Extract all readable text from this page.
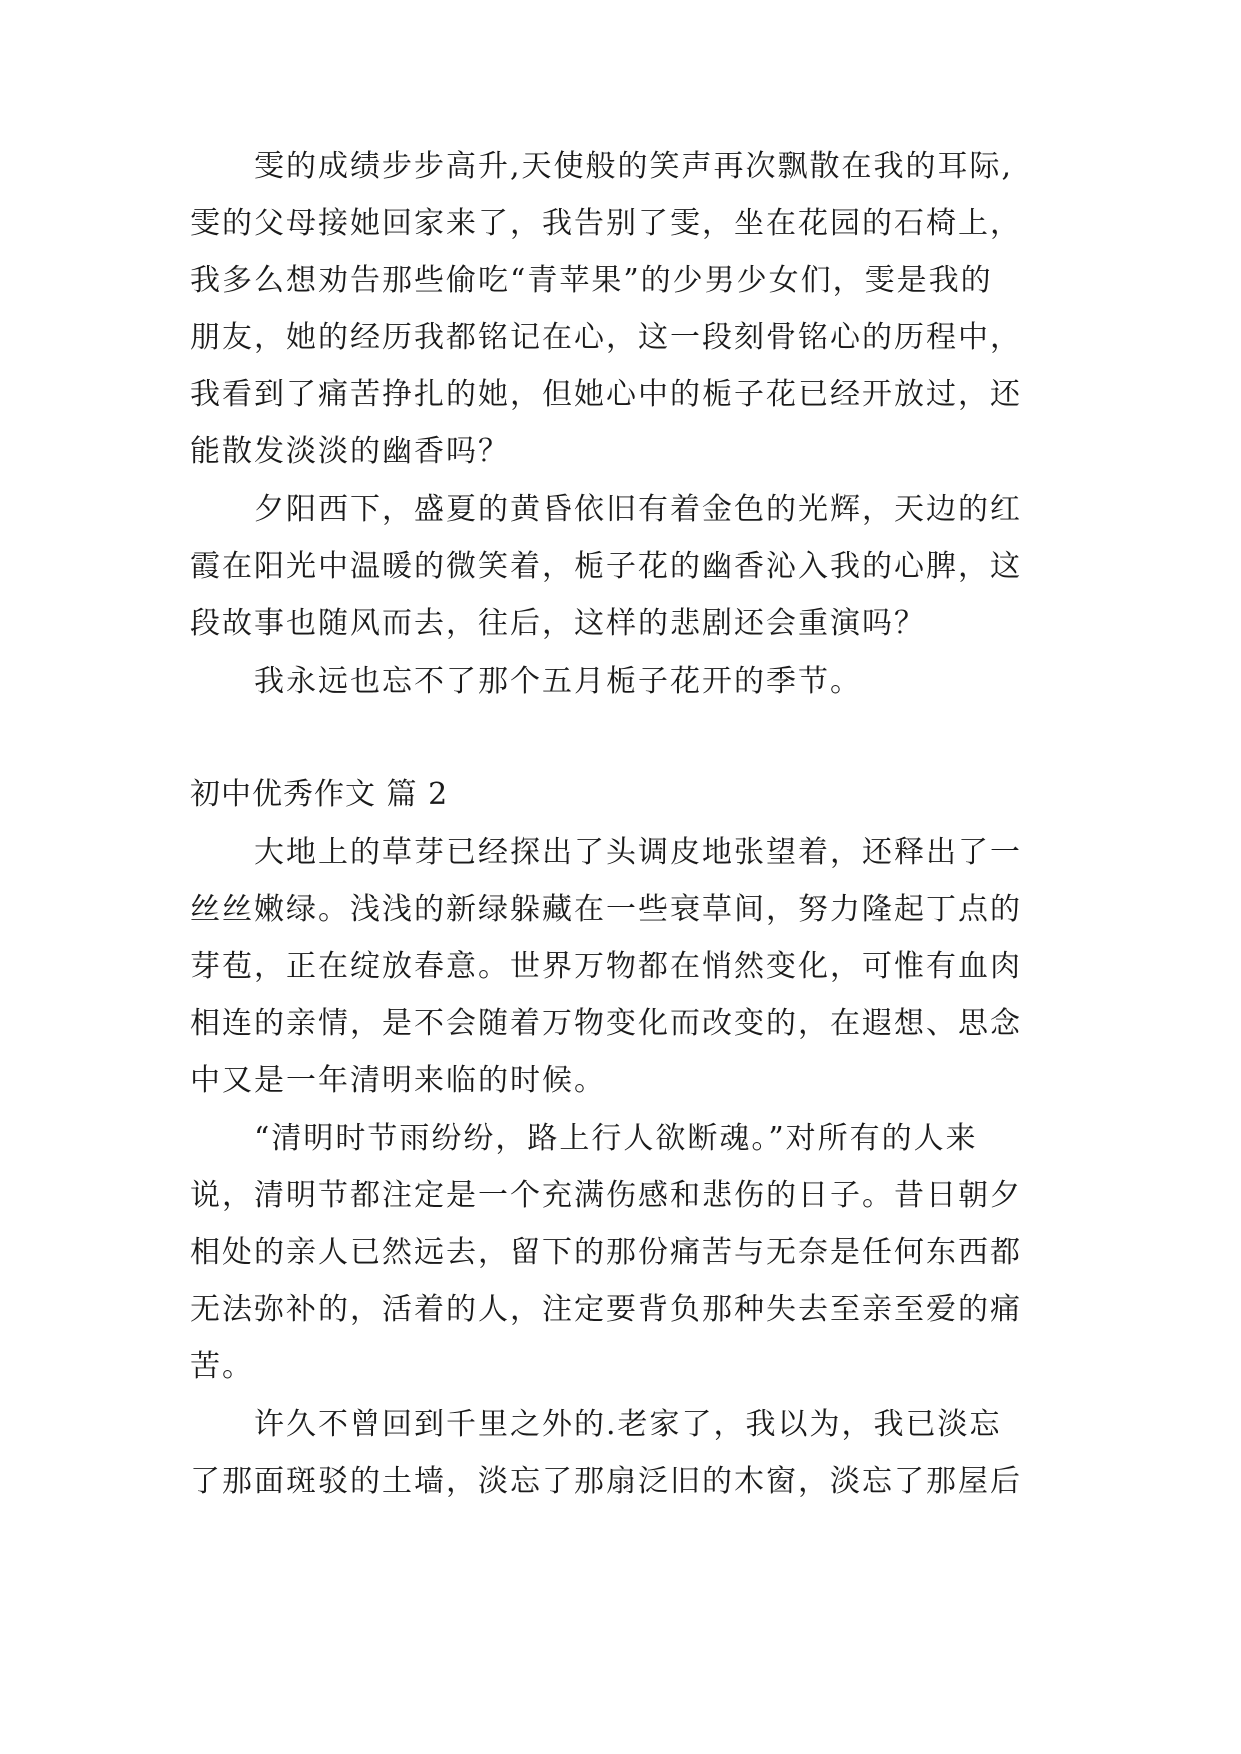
雯的成绩步步高升,天使般的笑声再次飘散在我的耳际,
雯的父母接她回家来了，我告别了雯，坐在花园的石椅上，
我多么想劝告那些偷吃“青苹果”的少男少女们，雯是我的
朋友，她的经历我都铭记在心，这一段刻骨铭心的历程中，
我看到了痛苦挣扎的她，但她心中的栀子花已经开放过，还
能散发淡淡的幽香吗？
夕阳西下，盛夏的黄昏依旧有着金色的光辉，天边的红
霞在阳光中温暖的微笑着，栀子花的幽香沁入我的心脾，这
段故事也随风而去，往后，这样的悲剧还会重演吗？
我永远也忘不了那个五月栀子花开的季节。
初中优秀作文 篇 2
大地上的草芽已经探出了头调皮地张望着，还释出了一
丝丝嫩绿。浅浅的新绿躲藏在一些衰草间，努力隆起丁点的
芽苞，正在绽放春意。世界万物都在悄然变化，可惟有血肉
相连的亲情，是不会随着万物变化而改变的，在遐想、思念
中又是一年清明来临的时候。
“清明时节雨纷纷，路上行人欲断魂。”对所有的人来
说，清明节都注定是一个充满伤感和悲伤的日子。昔日朝夕
相处的亲人已然远去，留下的那份痛苦与无奈是任何东西都
无法弥补的，活着的人，注定要背负那种失去至亲至爱的痛
苦。
许久不曾回到千里之外的.老家了，我以为，我已淡忘
了那面斑驳的土墙，淡忘了那扇泛旧的木窗，淡忘了那屋后
